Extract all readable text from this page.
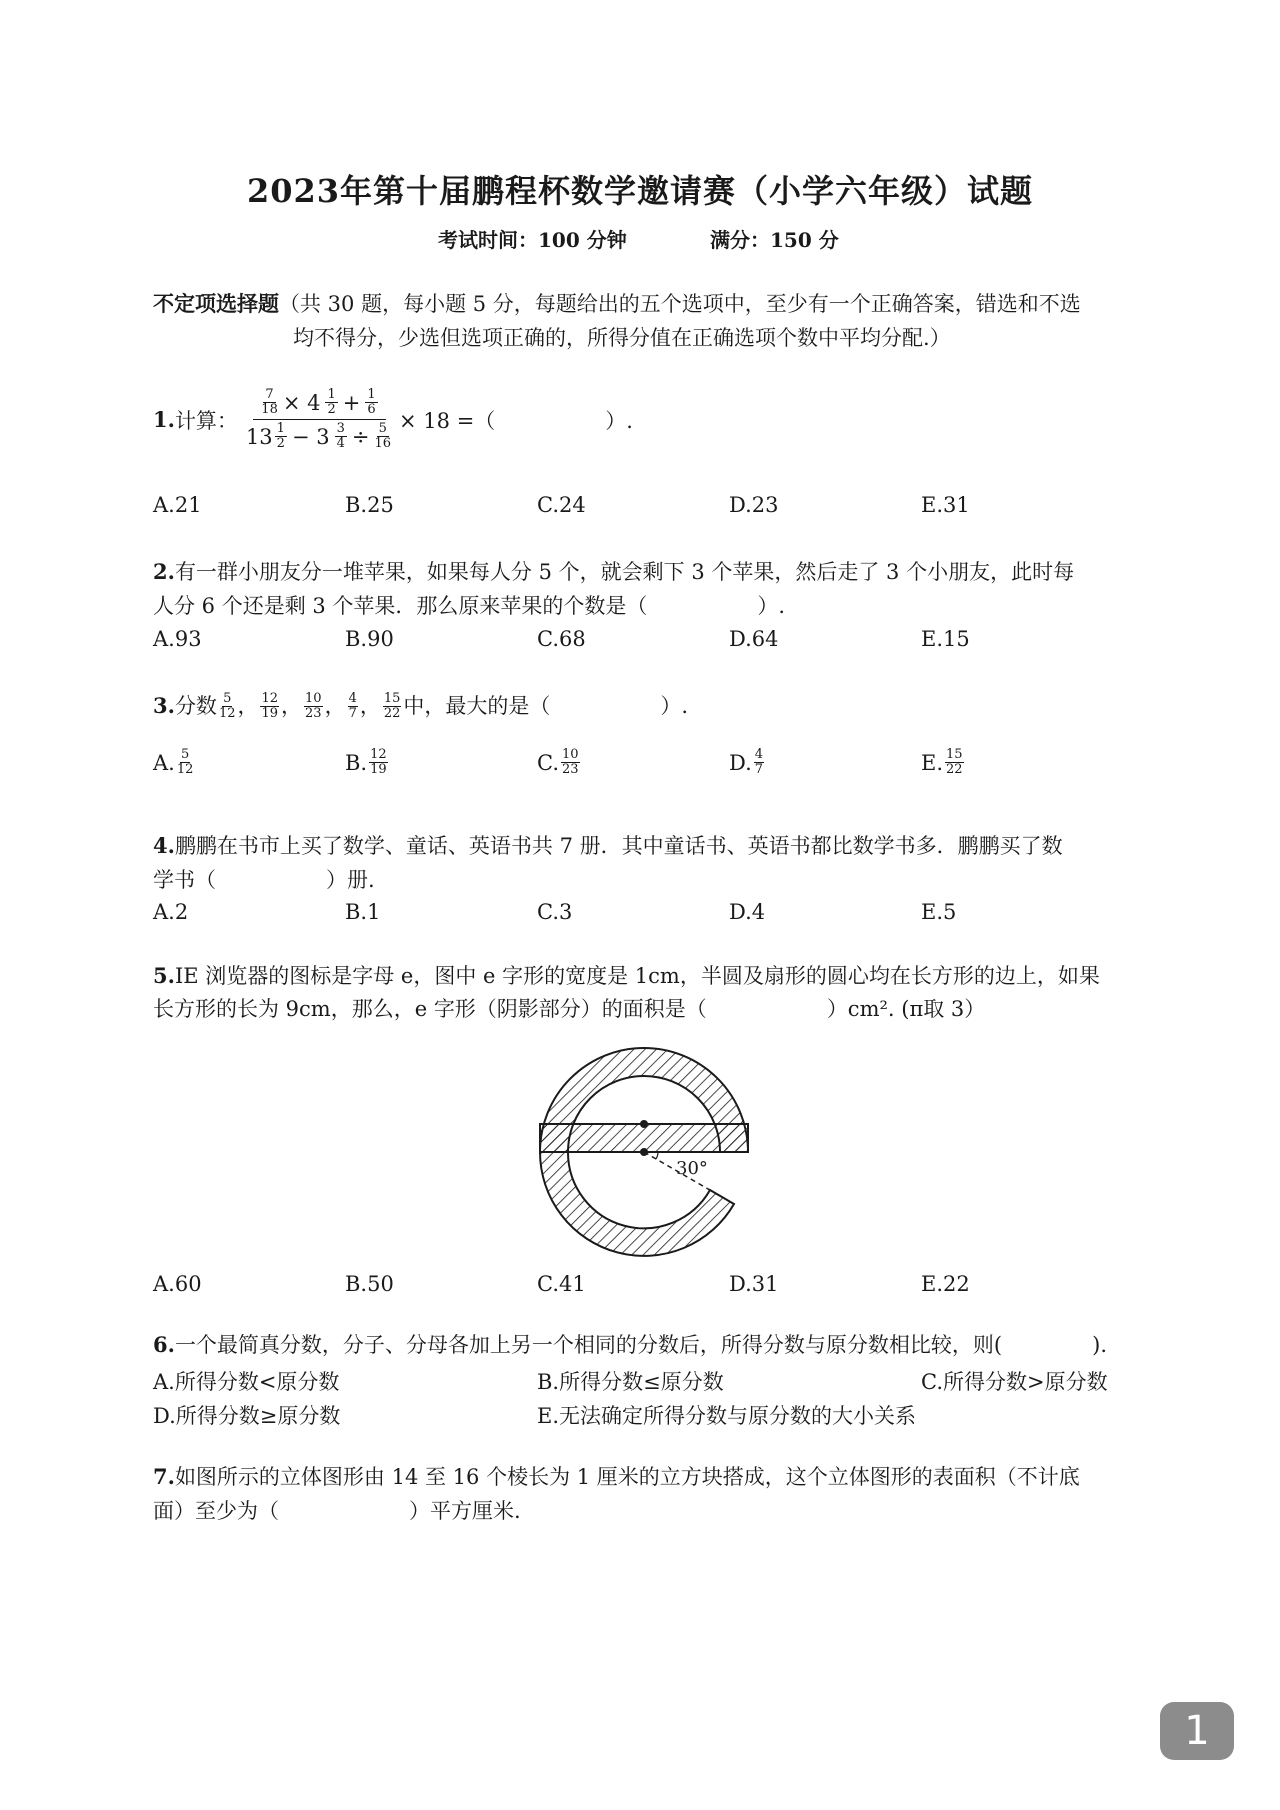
2023年第十届鹏程杯数学邀请赛（小学六年级）试题
考试时间：100 分钟	满分：150 分
不定项选择题（共 30 题，每小题 5 分，每题给出的五个选项中，至少有一个正确答案，错选和不选
均不得分，少选但选项正确的，所得分值在正确选项个数中平均分配.）
1. 计算： $\frac{\frac{7}{18} \times 4 \frac{1}{2} + \frac{1}{6}}{13 \frac{1}{2} - 3 \frac{3}{4} \div \frac{5}{16}} \times 18$ =（	）.
A.21	B.25	C.24	D.23	E.31
2.有一群小朋友分一堆苹果，如果每人分 5 个，就会剩下 3 个苹果，然后走了 3 个小朋友，此时每
人分 6 个还是剩 3 个苹果．那么原来苹果的个数是（	）.
A.93	B.90	C.68	D.64	E.15
3. 分数 $\frac{5}{12}$ ， $\frac{12}{19}$ ， $\frac{10}{23}$ ， $\frac{4}{7}$ ， $\frac{15}{22}$ 中，最大的是（	）.
A. $\frac{5}{12}$	B. $\frac{12}{19}$	C. $\frac{10}{23}$	D. $\frac{4}{7}$	E. $\frac{15}{22}$
4.鹏鹏在书市上买了数学、童话、英语书共 7 册．其中童话书、英语书都比数学书多．鹏鹏买了数
学书（	）册.
A.2	B.1	C.3	D.4	E.5
5.IE 浏览器的图标是字母 e，图中 e 字形的宽度是 1cm，半圆及扇形的圆心均在长方形的边上，如果
长方形的长为 9cm，那么，e 字形（阴影部分）的面积是（	）cm². (π取 3）
30°
A.60	B.50	C.41	D.31	E.22
6.一个最简真分数，分子、分母各加上另一个相同的分数后，所得分数与原分数相比较，则(	).
A.所得分数<原分数	B.所得分数≤原分数	C.所得分数>原分数
D.所得分数≥原分数	E.无法确定所得分数与原分数的大小关系
7.如图所示的立体图形由 14 至 16 个棱长为 1 厘米的立方块搭成，这个立体图形的表面积（不计底
面）至少为（	）平方厘米.
1
